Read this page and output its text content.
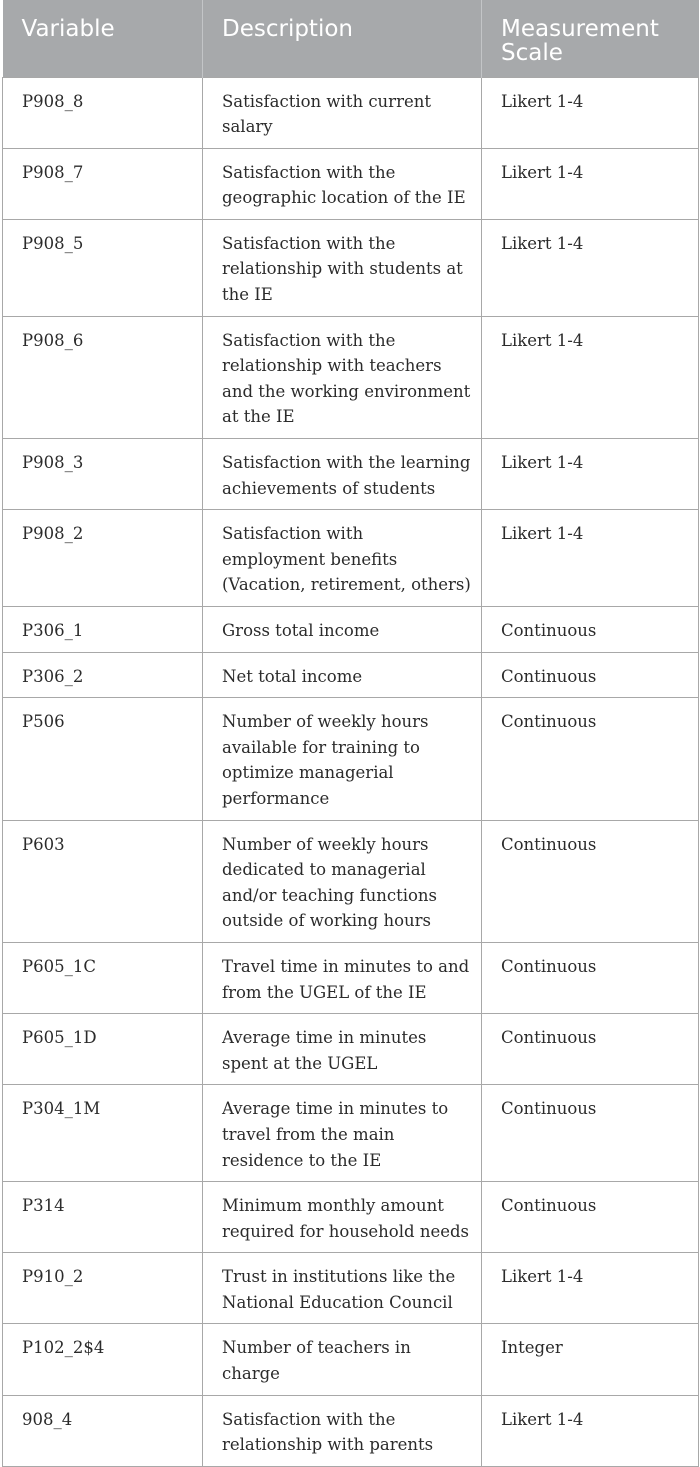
Variable	Description	Measurement Scale
P908_8	Satisfaction with current salary	Likert 1-4
P908_7	Satisfaction with the geographic location of the IE	Likert 1-4
P908_5	Satisfaction with the relationship with students at the IE	Likert 1-4
P908_6	Satisfaction with the relationship with teachers and the working environment at the IE	Likert 1-4
P908_3	Satisfaction with the learning achievements of students	Likert 1-4
P908_2	Satisfaction with employment benefits (Vacation, retirement, others)	Likert 1-4
P306_1	Gross total income	Continuous
P306_2	Net total income	Continuous
P506	Number of weekly hours available for training to optimize managerial performance	Continuous
P603	Number of weekly hours dedicated to managerial and/or teaching functions outside of working hours	Continuous
P605_1C	Travel time in minutes to and from the UGEL of the IE	Continuous
P605_1D	Average time in minutes spent at the UGEL	Continuous
P304_1M	Average time in minutes to travel from the main residence to the IE	Continuous
P314	Minimum monthly amount required for household needs	Continuous
P910_2	Trust in institutions like the National Education Council	Likert 1-4
P102_2$4	Number of teachers in charge	Integer
908_4	Satisfaction with the relationship with parents	Likert 1-4
